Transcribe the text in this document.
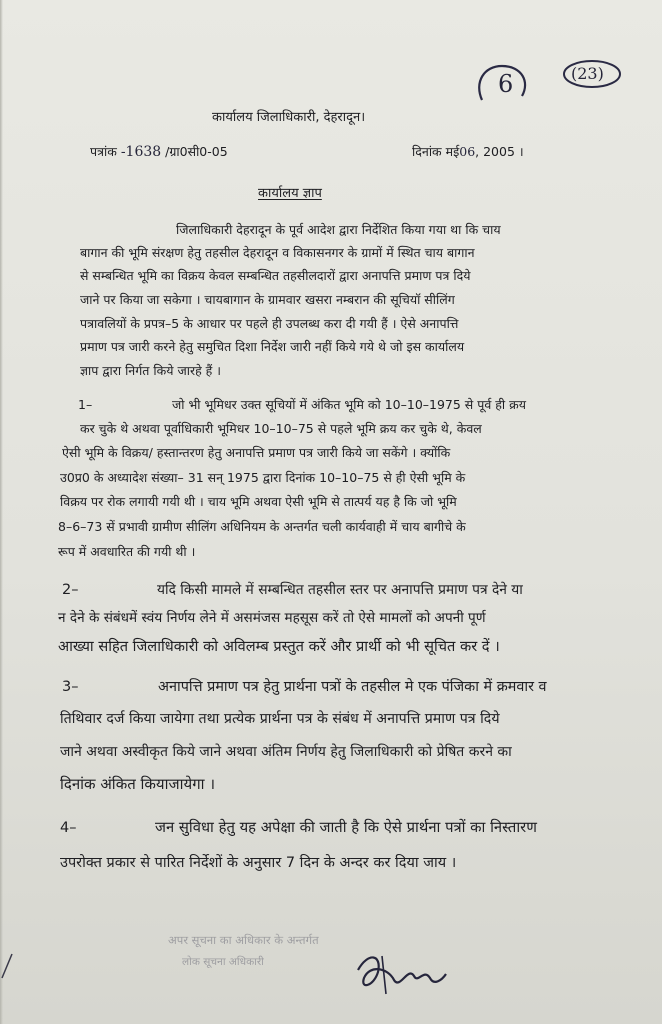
6	(23)
कार्यालय जिलाधिकारी, देहरादून।
पत्रांक -1638 /ग्रा0सी0-05	दिनांक मई06, 2005 ।
कार्यालय ज्ञाप
जिलाधिकारी देहरादून के पूर्व आदेश द्वारा निर्देशित किया गया था कि चाय
बागान की भूमि संरक्षण हेतु तहसील देहरादून व विकासनगर के ग्रामों में स्थित चाय बागान
से सम्बन्धित भूमि का विक्रय केवल सम्बन्धित तहसीलदारों द्वारा अनापत्ति प्रमाण पत्र दिये
जाने पर किया जा सकेगा । चायबागान के ग्रामवार खसरा नम्बरान की सूचियॉ सीलिंग
पत्रावलियों के प्रपत्र–5 के आधार पर पहले ही उपलब्ध करा दी गयी हैं । ऐसे अनापत्ति
प्रमाण पत्र जारी करने हेतु समुचित दिशा निर्देश जारी नहीं किये गये थे जो इस कार्यालय
ज्ञाप द्वारा निर्गत किये जारहे हैं ।
1–	जो भी भूमिधर उक्त सूचियों में अंकित भूमि को 10–10–1975 से पूर्व ही क्रय
कर चुके थे अथवा पूर्वाधिकारी भूमिधर 10–10–75 से पहले भूमि क्रय कर चुके थे, केवल
ऐसी भूमि के विक्रय/ हस्तान्तरण हेतु अनापत्ति प्रमाण पत्र जारी किये जा सकेंगे । क्योंकि
उ0प्र0 के अध्यादेश संख्या– 31 सन् 1975 द्वारा दिनांक 10–10–75 से ही ऐसी भूमि के
विक्रय पर रोक लगायी गयी थी । चाय भूमि अथवा ऐसी भूमि से तात्पर्य यह है कि जो भूमि
8–6–73 सें प्रभावी ग्रामीण सीलिंग अधिनियम के अन्तर्गत चली कार्यवाही में चाय बागीचे के
रूप में अवधारित की गयी थी ।
2–	यदि किसी मामले में सम्बन्धित तहसील स्तर पर अनापत्ति प्रमाण पत्र देने या
न देने के संबंधमें स्वंय निर्णय लेने में असमंजस महसूस करें तो ऐसे मामलों को अपनी पूर्ण
आख्या सहित जिलाधिकारी को अविलम्ब प्रस्तुत करें और प्रार्थी को भी सूचित कर दें ।
3–	अनापत्ति प्रमाण पत्र हेतु प्रार्थना पत्रों के तहसील मे एक पंजिका में क्रमवार व
तिथिवार दर्ज किया जायेगा तथा प्रत्येक प्रार्थना पत्र के संबंध में अनापत्ति प्रमाण पत्र दिये
जाने अथवा अस्वीकृत किये जाने अथवा अंतिम निर्णय हेतु जिलाधिकारी को प्रेषित करने का
दिनांक अंकित कियाजायेगा ।
4–	जन सुविधा हेतु यह अपेक्षा की जाती है कि ऐसे प्रार्थना पत्रों का निस्तारण
उपरोक्त प्रकार से पारित निर्देशों के अनुसार 7 दिन के अन्दर कर दिया जाय ।
अपर सूचना का अधिकार के अन्तर्गत
लोक सूचना अधिकारी
